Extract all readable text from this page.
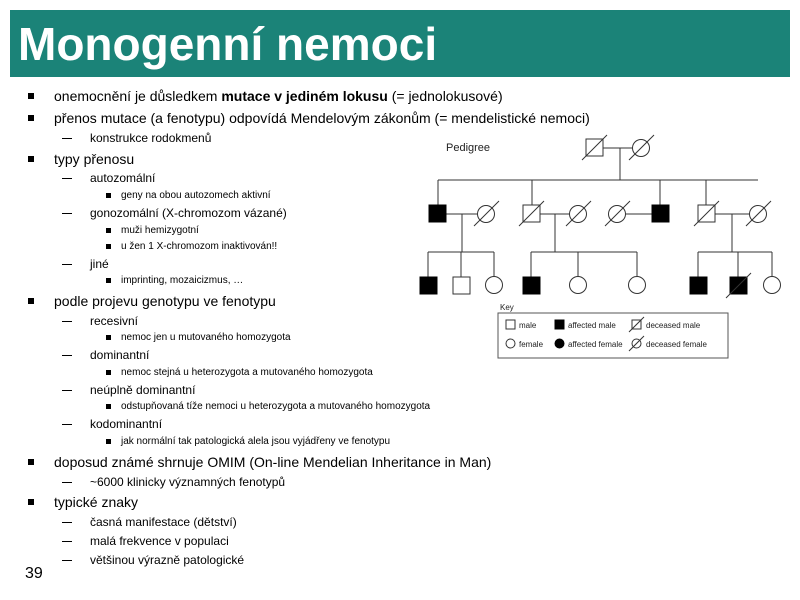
Monogenní nemoci
onemocnění je důsledkem mutace v jediném lokusu (= jednolokusové)
přenos mutace (a fenotypu) odpovídá Mendelovým zákonům (= mendelistické nemoci)
konstrukce rodokmenů
typy přenosu
autozomální
geny na obou autozomech aktivní
gonozomální (X-chromozom vázané)
muži hemizygotní
u žen 1 X-chromozom inaktivován!!
jiné
imprinting, mozaicizmus, …
podle projevu genotypu ve fenotypu
recesivní
nemoc jen u mutovaného homozygota
dominantní
nemoc stejná u heterozygota a mutovaného homozygota
neúplně dominantní
odstupňovaná tíže nemoci u heterozygota a mutovaného homozygota
kodominantní
jak normální tak patologická alela jsou vyjádřeny ve fenotypu
doposud známé shrnuje OMIM (On-line Mendelian Inheritance in Man)
~6000 klinicky významných fenotypů
typické znaky
časná manifestace (dětství)
malá frekvence v populaci
většinou výrazně patologické
39
Pedigree
Key
male	affected male	deceased male
female	affected female	deceased female
